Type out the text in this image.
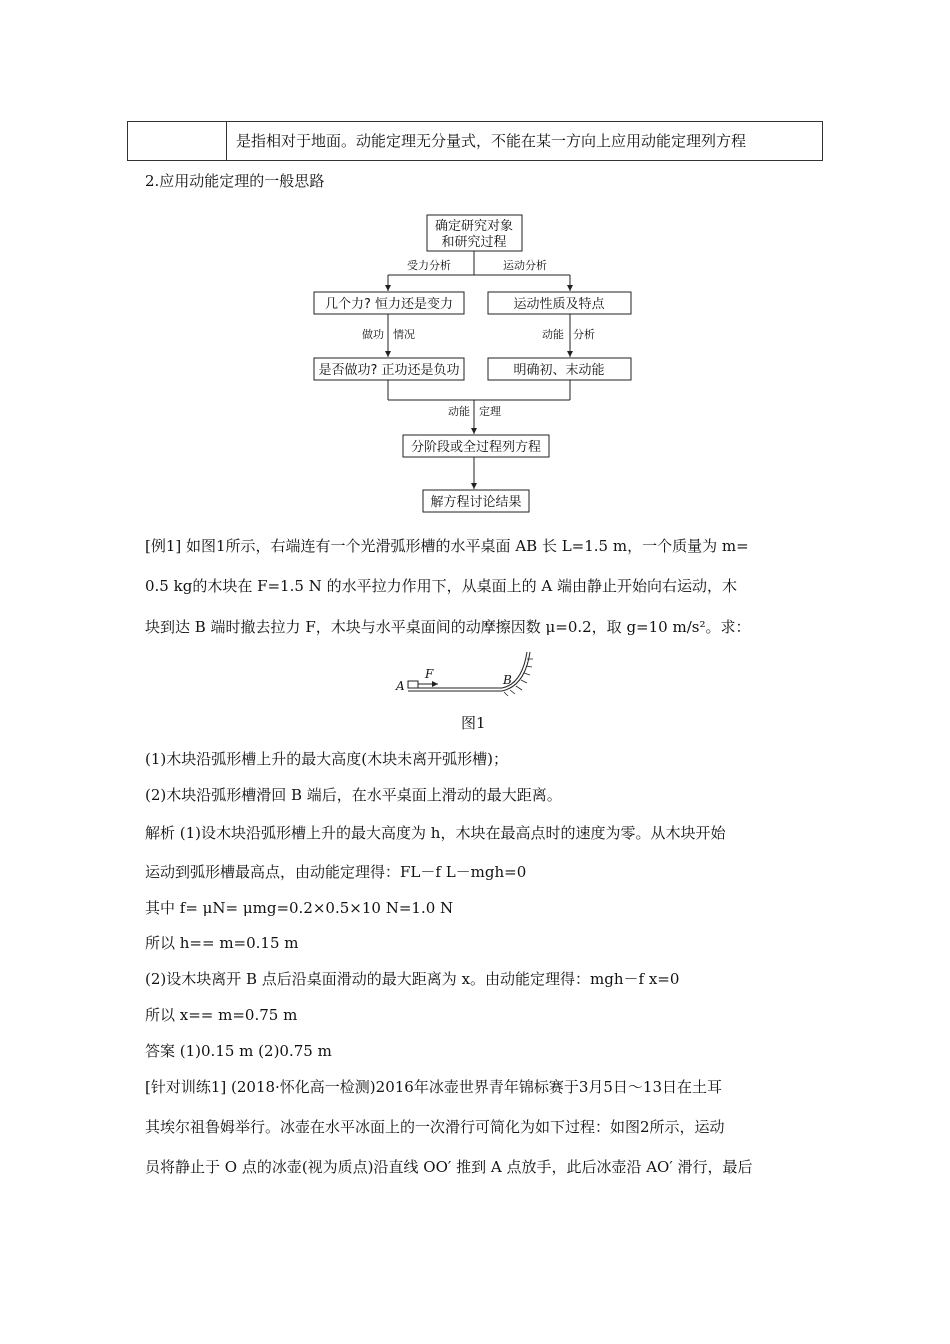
是指相对于地面。动能定理无分量式，不能在某一方向上应用动能定理列方程
2.应用动能定理的一般思路
确定研究对象
和研究过程
几个力? 恒力还是变力	运动性质及特点
是否做功? 正功还是负功	明确初、末动能
分阶段或全过程列方程
解方程讨论结果
受力分析	运动分析
做功 情况	动能 分析
动能 定理
[例1] 如图1所示，右端连有一个光滑弧形槽的水平桌面 AB 长 L=1.5 m，一个质量为 m=
0.5 kg的木块在 F=1.5 N 的水平拉力作用下，从桌面上的 A 端由静止开始向右运动，木
块到达 B 端时撤去拉力 F，木块与水平桌面间的动摩擦因数 μ=0.2，取 g=10 m/s²。求：
A
F	B
图1
(1)木块沿弧形槽上升的最大高度(木块未离开弧形槽)；
(2)木块沿弧形槽滑回 B 端后，在水平桌面上滑动的最大距离。
解析 (1)设木块沿弧形槽上升的最大高度为 h，木块在最高点时的速度为零。从木块开始
运动到弧形槽最高点，由动能定理得：FL－f L－mgh=0
其中 f= μN= μmg=0.2×0.5×10 N=1.0 N
所以 h== m=0.15 m
(2)设木块离开 B 点后沿桌面滑动的最大距离为 x。由动能定理得：mgh－f x=0
所以 x== m=0.75 m
答案 (1)0.15 m (2)0.75 m
[针对训练1] (2018·怀化高一检测)2016年冰壶世界青年锦标赛于3月5日～13日在土耳
其埃尔祖鲁姆举行。冰壶在水平冰面上的一次滑行可简化为如下过程：如图2所示，运动
员将静止于 O 点的冰壶(视为质点)沿直线 OO′ 推到 A 点放手，此后冰壶沿 AO′ 滑行，最后
